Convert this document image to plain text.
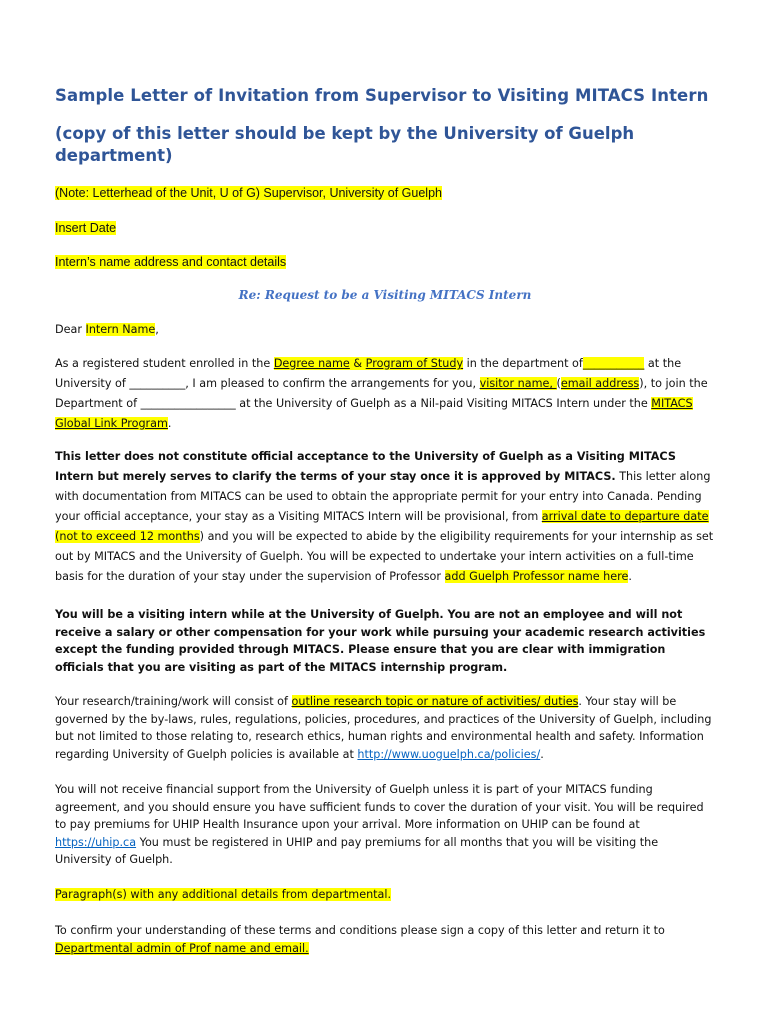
Sample Letter of Invitation from Supervisor to Visiting MITACS Intern
(copy of this letter should be kept by the University of Guelph department)
(Note: Letterhead of the Unit, U of G) Supervisor, University of Guelph
Insert Date
Intern’s name address and contact details
Re: Request to be a Visiting MITACS Intern
Dear Intern Name,
As a registered student enrolled in the Degree name & Program of Study in the department of___________ at the University of __________, I am pleased to confirm the arrangements for you, visitor name, (email address), to join the Department of _________________ at the University of Guelph as a Nil-paid Visiting MITACS Intern under the MITACS Global Link Program.
This letter does not constitute official acceptance to the University of Guelph as a Visiting MITACS Intern but merely serves to clarify the terms of your stay once it is approved by MITACS. This letter along with documentation from MITACS can be used to obtain the appropriate permit for your entry into Canada. Pending your official acceptance, your stay as a Visiting MITACS Intern will be provisional, from arrival date to departure date (not to exceed 12 months) and you will be expected to abide by the eligibility requirements for your internship as set out by MITACS and the University of Guelph. You will be expected to undertake your intern activities on a full-time basis for the duration of your stay under the supervision of Professor add Guelph Professor name here.
You will be a visiting intern while at the University of Guelph. You are not an employee and will not receive a salary or other compensation for your work while pursuing your academic research activities except the funding provided through MITACS. Please ensure that you are clear with immigration officials that you are visiting as part of the MITACS internship program.
Your research/training/work will consist of outline research topic or nature of activities/ duties. Your stay will be governed by the by-laws, rules, regulations, policies, procedures, and practices of the University of Guelph, including but not limited to those relating to, research ethics, human rights and environmental health and safety. Information regarding University of Guelph policies is available at http://www.uoguelph.ca/policies/.
You will not receive financial support from the University of Guelph unless it is part of your MITACS funding agreement, and you should ensure you have sufficient funds to cover the duration of your visit. You will be required to pay premiums for UHIP Health Insurance upon your arrival. More information on UHIP can be found at https://uhip.ca You must be registered in UHIP and pay premiums for all months that you will be visiting the University of Guelph.
Paragraph(s) with any additional details from departmental.
To confirm your understanding of these terms and conditions please sign a copy of this letter and return it to Departmental admin of Prof name and email.
